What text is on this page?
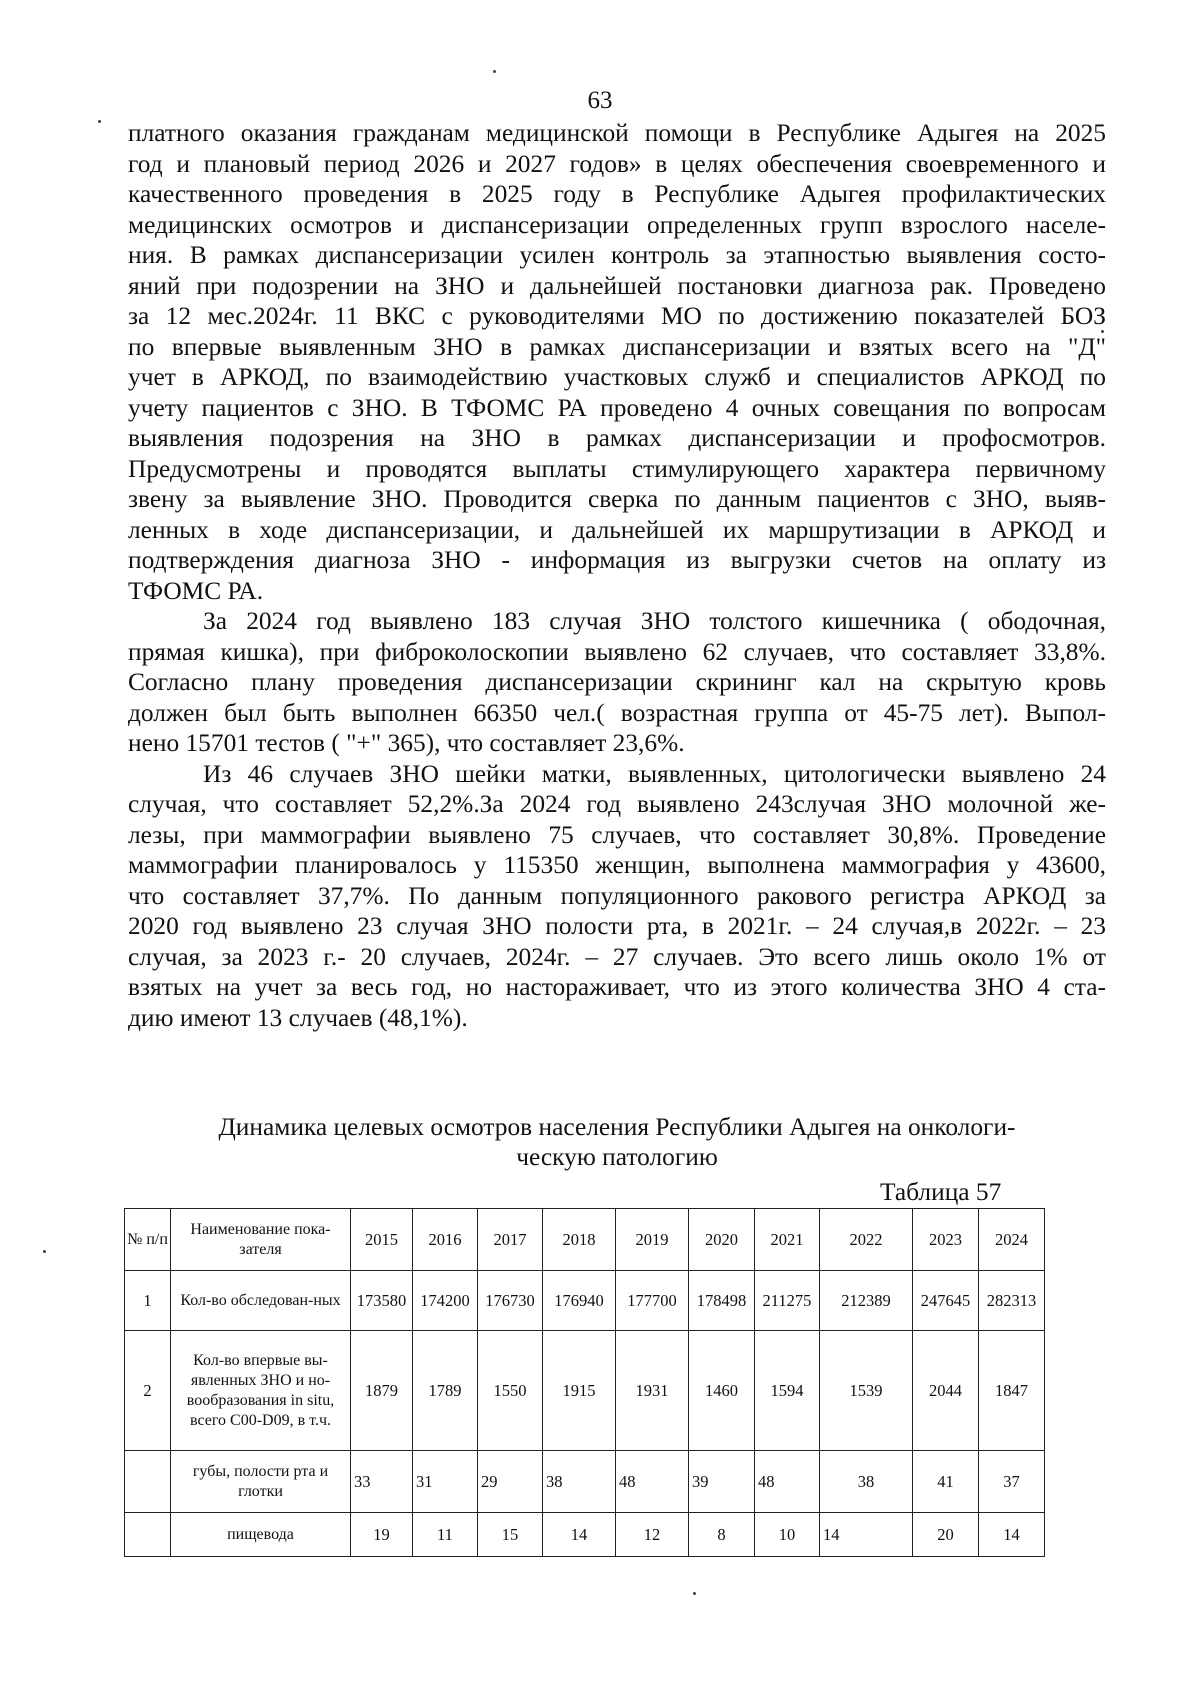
63
платного оказания гражданам медицинской помощи в Республике Адыгея на 2025
год и плановый период 2026 и 2027 годов» в целях обеспечения своевременного и
качественного проведения в 2025 году в Республике Адыгея профилактических
медицинских осмотров и диспансеризации определенных групп взрослого населе-
ния. В рамках диспансеризации усилен контроль за этапностью выявления состо-
яний при подозрении на ЗНО и дальнейшей постановки диагноза рак. Проведено
за 12 мес.2024г. 11 ВКС с руководителями МО по достижению показателей БОЗ
по впервые выявленным ЗНО в рамках диспансеризации и взятых всего на "Д"
учет в АРКОД, по взаимодействию участковых служб и специалистов АРКОД по
учету пациентов с ЗНО. В ТФОМС РА проведено 4 очных совещания по вопросам
выявления подозрения на ЗНО в рамках диспансеризации и профосмотров.
Предусмотрены и проводятся выплаты стимулирующего характера первичному
звену за выявление ЗНО. Проводится сверка по данным пациентов с ЗНО, выяв-
ленных в ходе диспансеризации, и дальнейшей их маршрутизации в АРКОД и
подтверждения диагноза ЗНО - информация из выгрузки счетов на оплату из
ТФОМС РА.
За 2024 год выявлено 183 случая ЗНО толстого кишечника ( ободочная,
прямая кишка), при фиброколоскопии выявлено 62 случаев, что составляет 33,8%.
Согласно плану проведения диспансеризации скрининг кал на скрытую кровь
должен был быть выполнен 66350 чел.( возрастная группа от 45-75 лет). Выпол-
нено 15701 тестов ( "+" 365), что составляет 23,6%.
Из 46 случаев ЗНО шейки матки, выявленных, цитологически выявлено 24
случая, что составляет 52,2%.За 2024 год выявлено 243случая ЗНО молочной же-
лезы, при маммографии выявлено 75 случаев, что составляет 30,8%. Проведение
маммографии планировалось у 115350 женщин, выполнена маммография у 43600,
что составляет 37,7%. По данным популяционного ракового регистра АРКОД за
2020 год выявлено 23 случая ЗНО полости рта, в 2021г. – 24 случая,в 2022г. – 23
случая, за 2023 г.- 20 случаев, 2024г. – 27 случаев. Это всего лишь около 1% от
взятых на учет за весь год, но настораживает, что из этого количества ЗНО 4 ста-
дию имеют 13 случаев (48,1%).
Динамика целевых осмотров населения Республики Адыгея на онкологи-
ческую патологию
Таблица 57
№ п/п	Наименование пока-зателя	2015	2016	2017	2018	2019	2020	2021	2022	2023	2024
1	Кол-во обследован-ных	173580	174200	176730	176940	177700	178498	211275	212389	247645	282313
2	Кол-во впервые вы-явленных ЗНО и но-вообразования in situ, всего С00-D09, в т.ч.	1879	1789	1550	1915	1931	1460	1594	1539	2044	1847
	губы, полости рта и глотки	33	31	29	38	48	39	48	38	41	37
	пищевода	19	11	15	14	12	8	10	14	20	14
